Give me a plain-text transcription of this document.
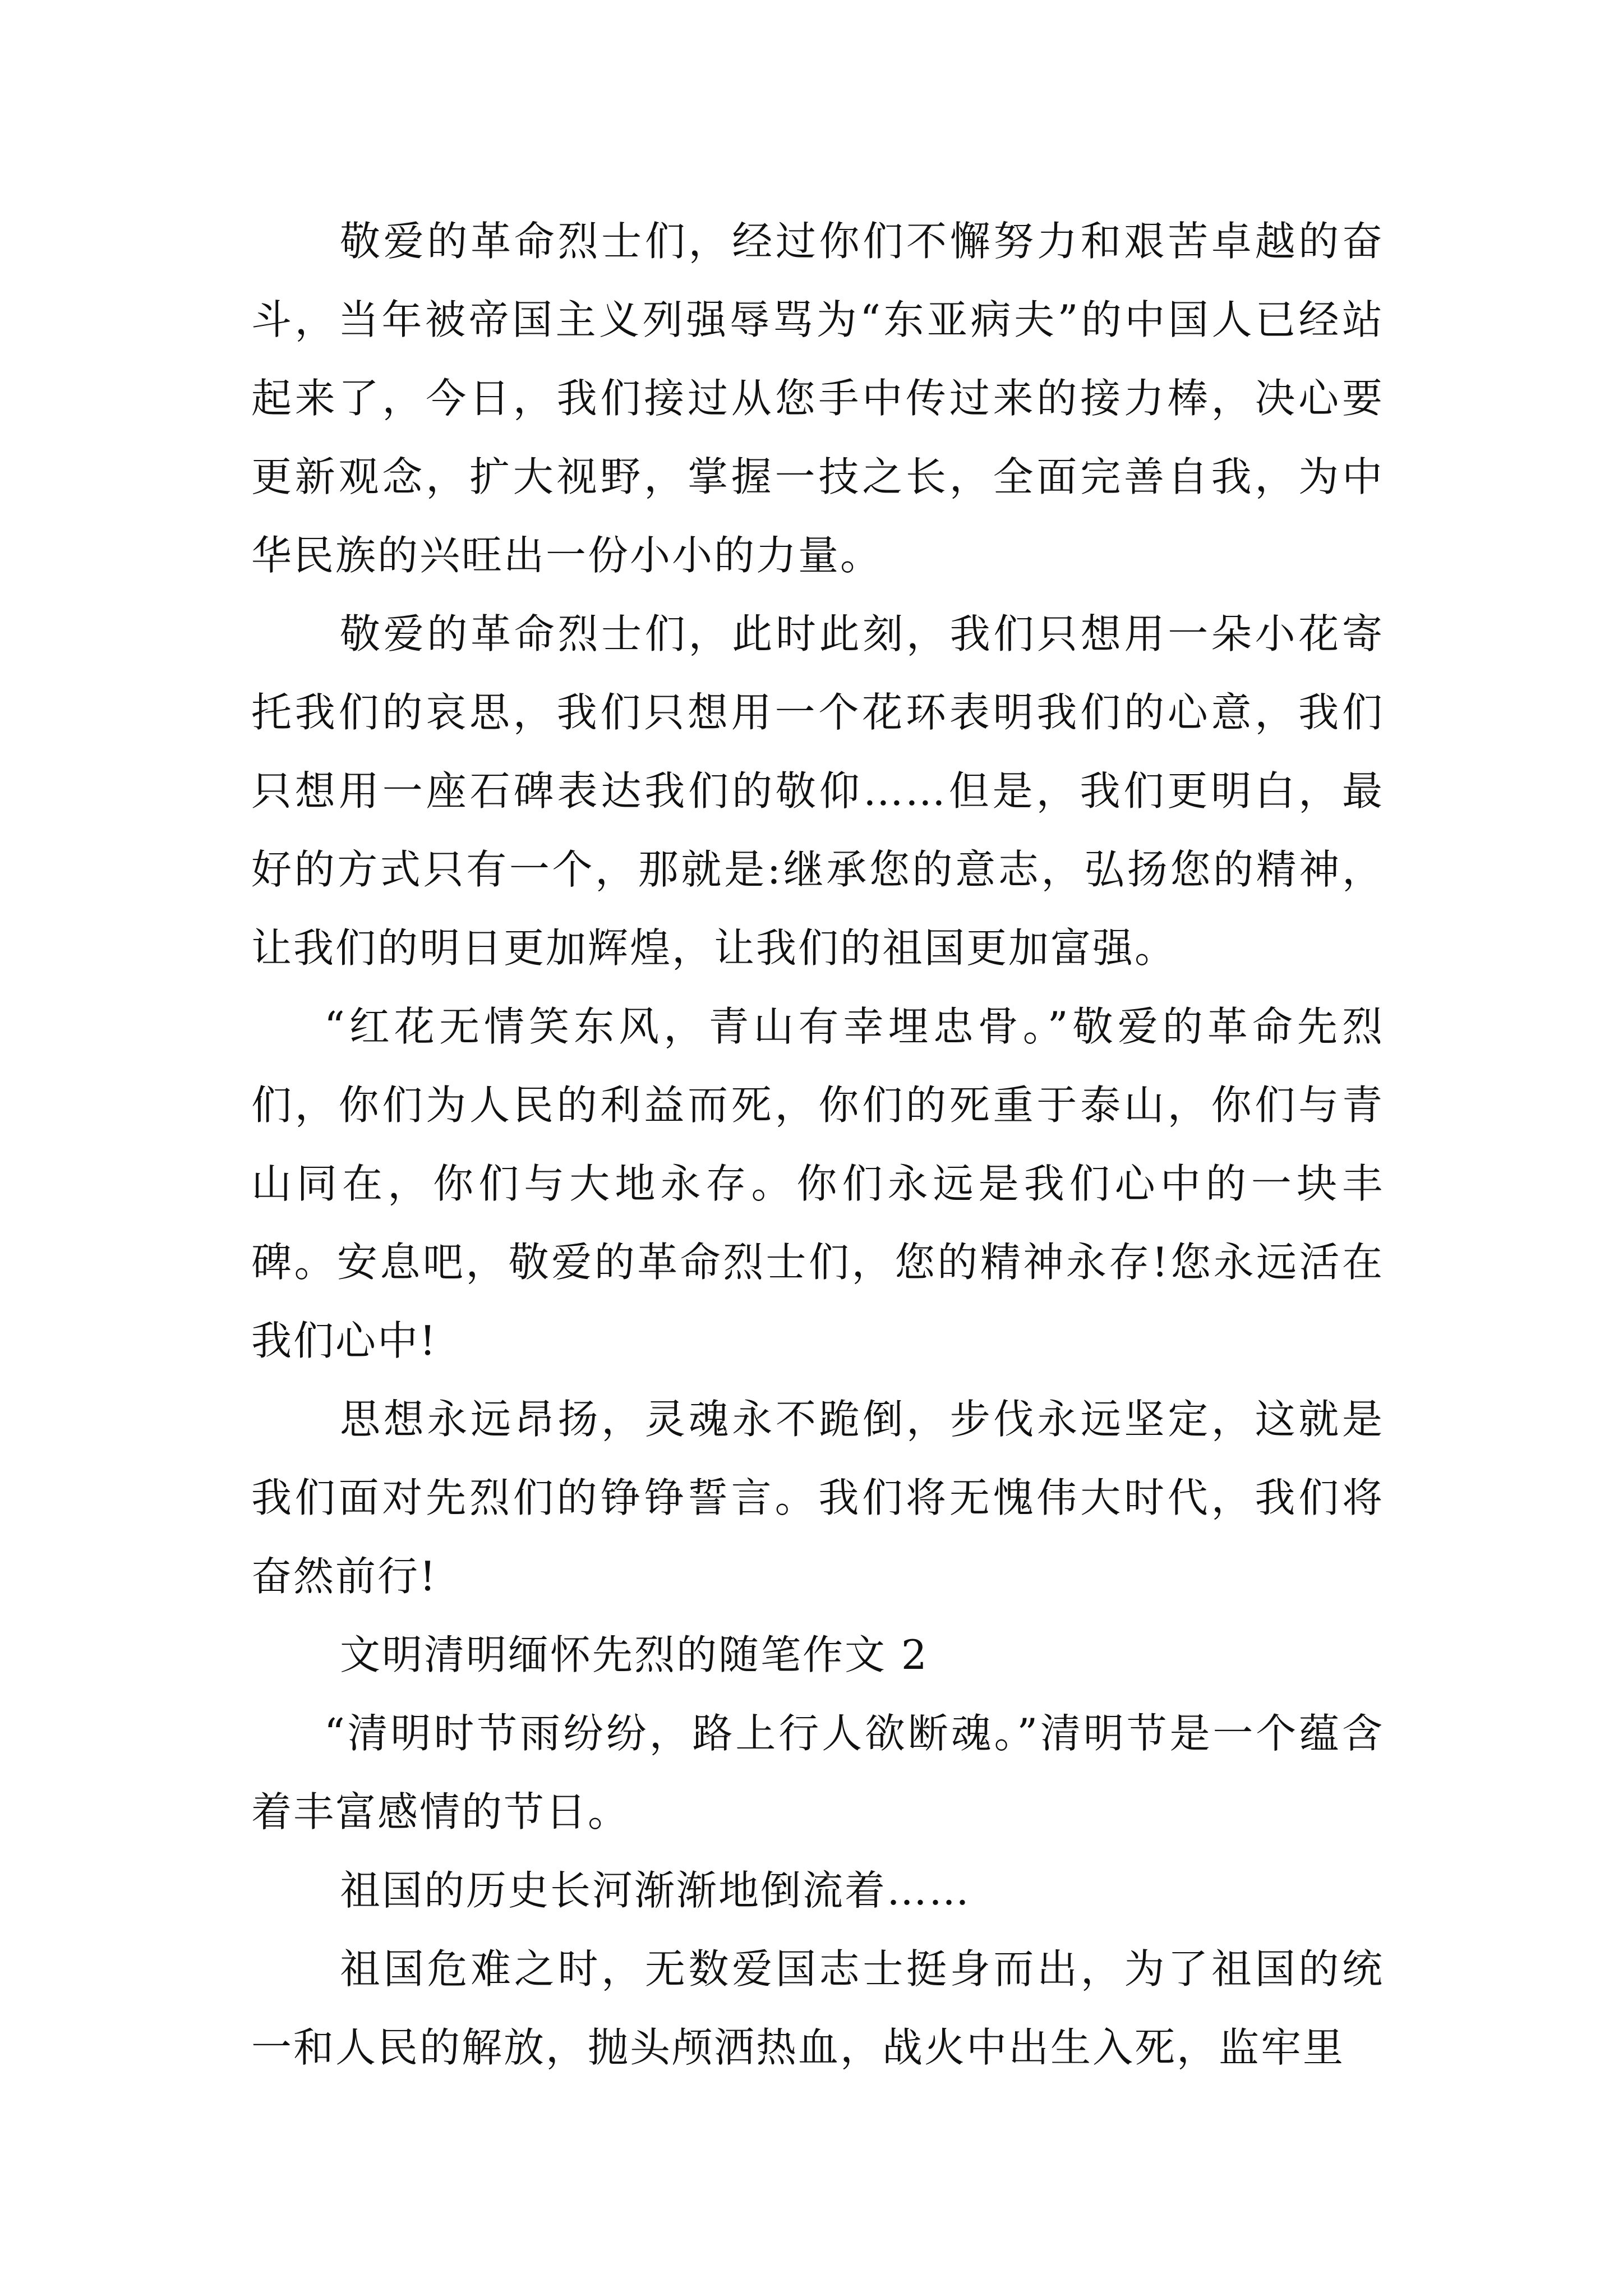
敬爱的革命烈士们，经过你们不懈努力和艰苦卓越的奋斗，当年被帝国主义列强辱骂为“东亚病夫”的中国人已经站起来了，今日，我们接过从您手中传过来的接力棒，决心要更新观念，扩大视野，掌握一技之长，全面完善自我，为中华民族的兴旺出一份小小的力量。

敬爱的革命烈士们，此时此刻，我们只想用一朵小花寄托我们的哀思，我们只想用一个花环表明我们的心意，我们只想用一座石碑表达我们的敬仰……但是，我们更明白，最好的方式只有一个，那就是:继承您的意志，弘扬您的精神，让我们的明日更加辉煌，让我们的祖国更加富强。

“红花无情笑东风，青山有幸埋忠骨。”敬爱的革命先烈们，你们为人民的利益而死，你们的死重于泰山，你们与青山同在，你们与大地永存。你们永远是我们心中的一块丰碑。安息吧，敬爱的革命烈士们，您的精神永存!您永远活在我们心中!

思想永远昂扬，灵魂永不跪倒，步伐永远坚定，这就是我们面对先烈们的铮铮誓言。我们将无愧伟大时代，我们将奋然前行!

文明清明缅怀先烈的随笔作文 2

“清明时节雨纷纷，路上行人欲断魂。”清明节是一个蕴含着丰富感情的节日。

祖国的历史长河渐渐地倒流着……

祖国危难之时，无数爱国志士挺身而出，为了祖国的统一和人民的解放，抛头颅洒热血，战火中出生入死，监牢里
